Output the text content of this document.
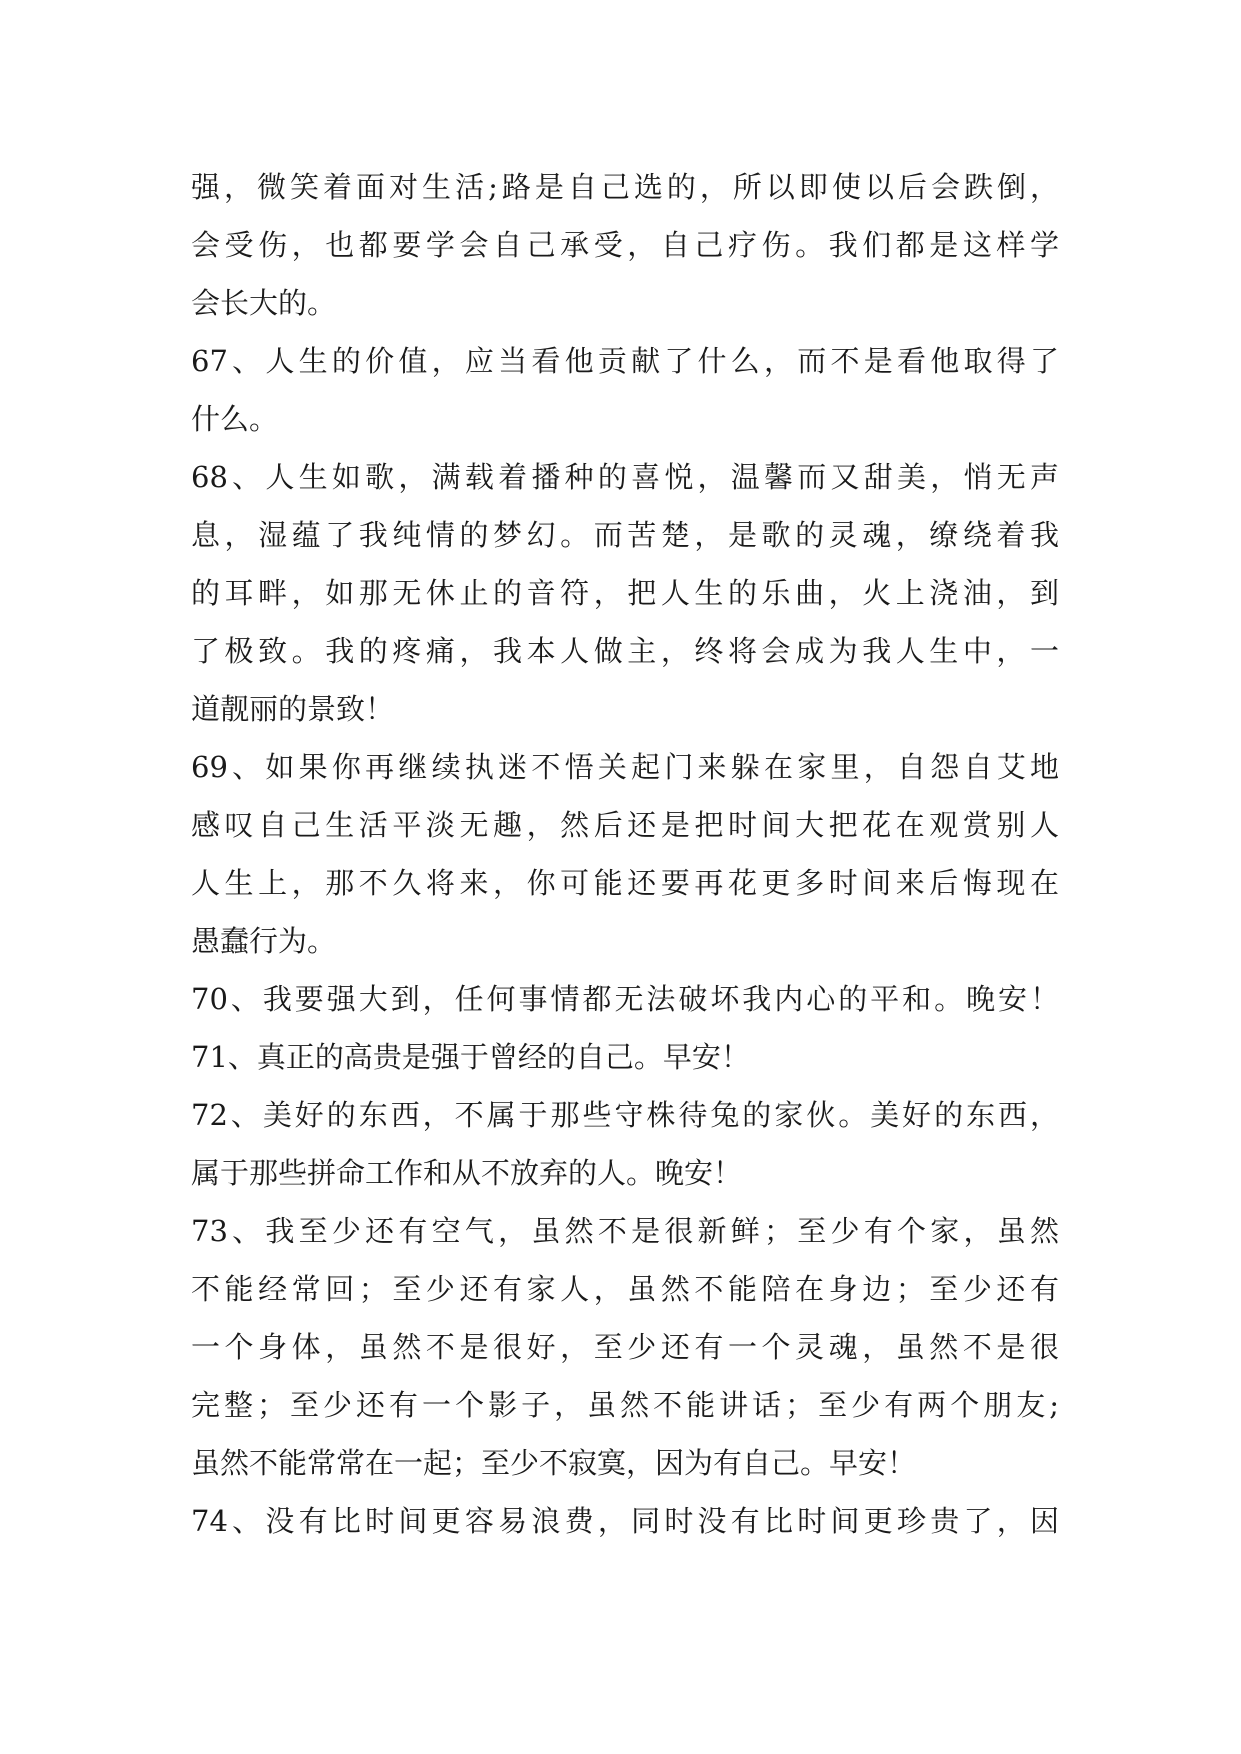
强，微笑着面对生活;路是自己选的，所以即使以后会跌倒，
会受伤，也都要学会自己承受，自己疗伤。我们都是这样学
会长大的。
67、人生的价值，应当看他贡献了什么，而不是看他取得了
什么。
68、人生如歌，满载着播种的喜悦，温馨而又甜美，悄无声
息，湿蕴了我纯情的梦幻。而苦楚，是歌的灵魂，缭绕着我
的耳畔，如那无休止的音符，把人生的乐曲，火上浇油，到
了极致。我的疼痛，我本人做主，终将会成为我人生中，一
道靓丽的景致！
69、如果你再继续执迷不悟关起门来躲在家里，自怨自艾地
感叹自己生活平淡无趣，然后还是把时间大把花在观赏别人
人生上，那不久将来，你可能还要再花更多时间来后悔现在
愚蠢行为。
70、我要强大到，任何事情都无法破坏我内心的平和。晚安！
71、真正的高贵是强于曾经的自己。早安！
72、美好的东西，不属于那些守株待兔的家伙。美好的东西，
属于那些拼命工作和从不放弃的人。晚安！
73、我至少还有空气，虽然不是很新鲜；至少有个家，虽然
不能经常回；至少还有家人，虽然不能陪在身边；至少还有
一个身体，虽然不是很好，至少还有一个灵魂，虽然不是很
完整；至少还有一个影子，虽然不能讲话；至少有两个朋友;
虽然不能常常在一起；至少不寂寞，因为有自己。早安！
74、没有比时间更容易浪费，同时没有比时间更珍贵了，因
